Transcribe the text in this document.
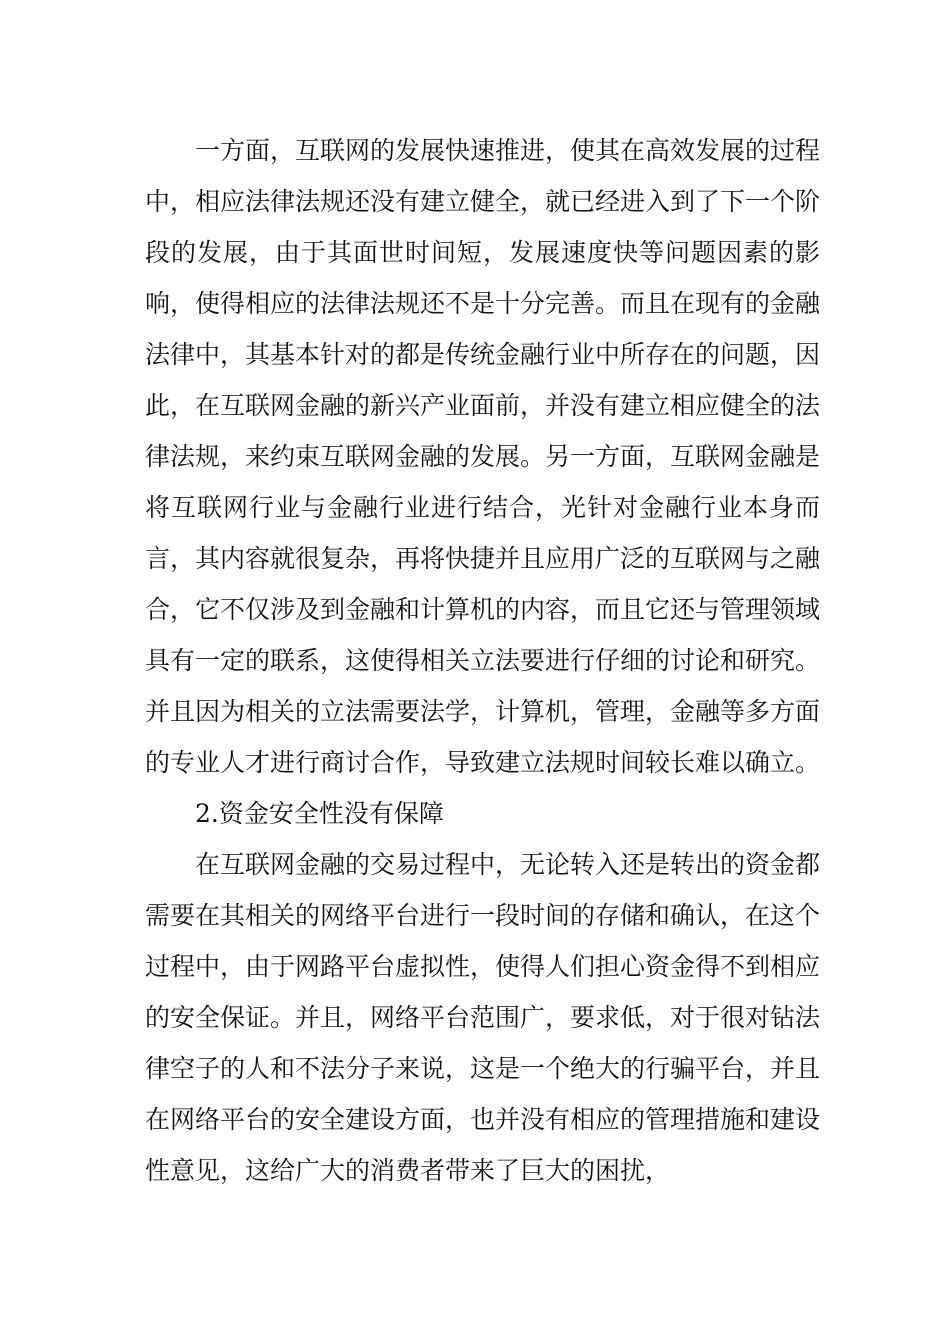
一方面，互联网的发展快速推进，使其在高效发展的过程中，相应法律法规还没有建立健全，就已经进入到了下一个阶段的发展，由于其面世时间短，发展速度快等问题因素的影响，使得相应的法律法规还不是十分完善。而且在现有的金融法律中，其基本针对的都是传统金融行业中所存在的问题，因此，在互联网金融的新兴产业面前，并没有建立相应健全的法律法规，来约束互联网金融的发展。另一方面，互联网金融是将互联网行业与金融行业进行结合，光针对金融行业本身而言，其内容就很复杂，再将快捷并且应用广泛的互联网与之融合，它不仅涉及到金融和计算机的内容，而且它还与管理领域具有一定的联系，这使得相关立法要进行仔细的讨论和研究。并且因为相关的立法需要法学，计算机，管理，金融等多方面的专业人才进行商讨合作，导致建立法规时间较长难以确立。

2.资金安全性没有保障

在互联网金融的交易过程中，无论转入还是转出的资金都需要在其相关的网络平台进行一段时间的存储和确认，在这个过程中，由于网路平台虚拟性，使得人们担心资金得不到相应的安全保证。并且，网络平台范围广，要求低，对于很对钻法律空子的人和不法分子来说，这是一个绝大的行骗平台，并且在网络平台的安全建设方面，也并没有相应的管理措施和建设性意见，这给广大的消费者带来了巨大的困扰，
